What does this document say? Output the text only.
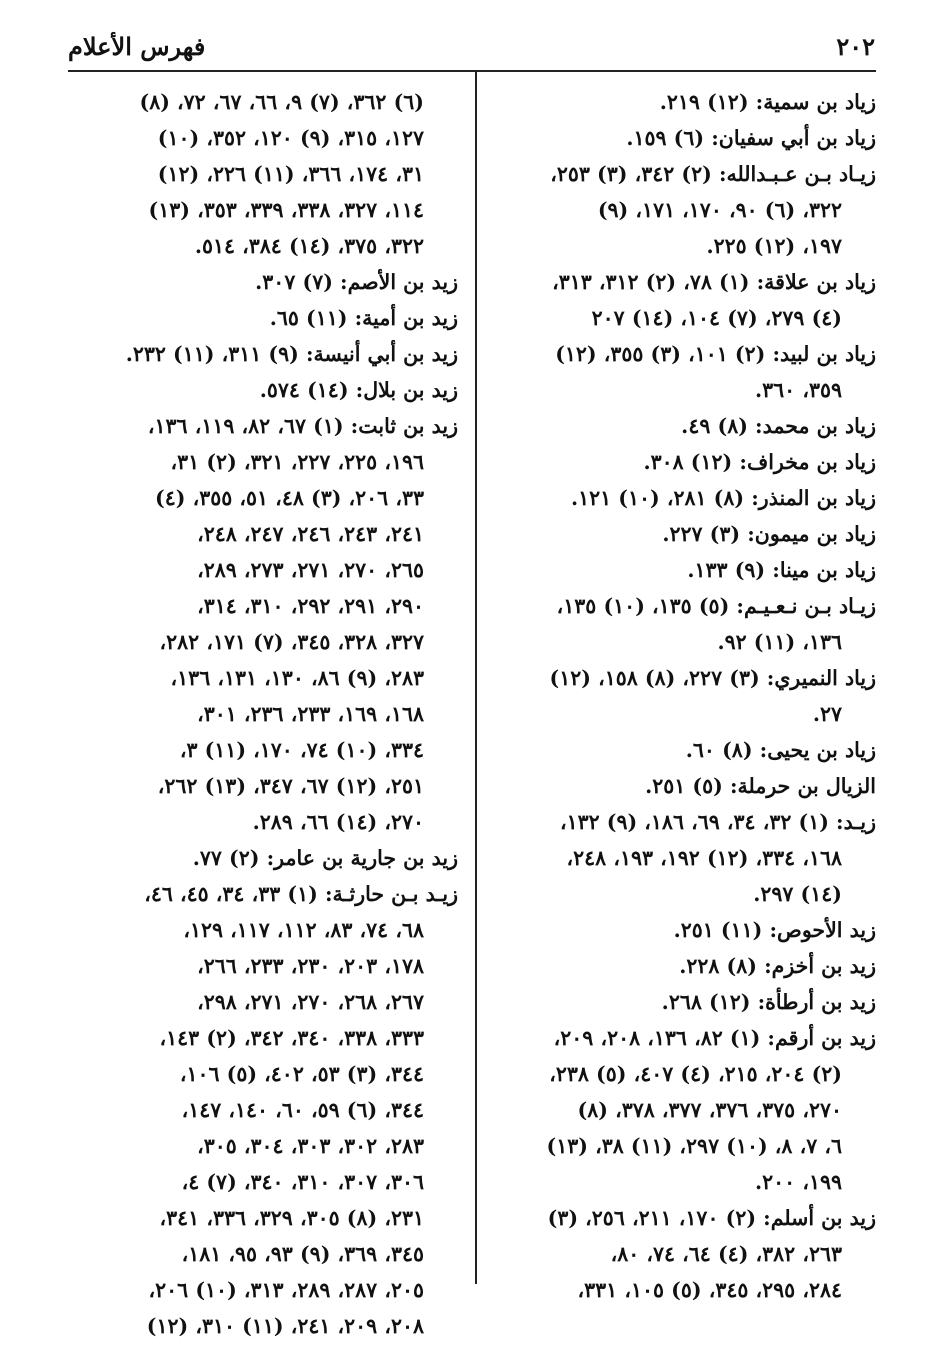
٢٠٢
فهرس الأعلام
زياد بن سمية: (١٢) ٢١٩.
زياد بن أبي سفيان: (٦) ١٥٩.
زيـاد بـن عـبـدالله: (٢) ٣٤٢، (٣) ٢٥٣،
٣٢٢، (٦) ٩٠، ١٧٠، ١٧١، (٩)
١٩٧، (١٢) ٢٢٥.
زياد بن علاقة: (١) ٧٨، (٢) ٣١٢، ٣١٣،
(٤) ٢٧٩، (٧) ١٠٤، (١٤) ٢٠٧
زياد بن لبيد: (٢) ١٠١، (٣) ٣٥٥، (١٢)
٣٥٩، ٣٦٠.
زياد بن محمد: (٨) ٤٩.
زياد بن مخراف: (١٢) ٣٠٨.
زياد بن المنذر: (٨) ٢٨١، (١٠) ١٢١.
زياد بن ميمون: (٣) ٢٢٧.
زياد بن مينا: (٩) ١٣٣.
زيـاد بـن نـعـيـم: (٥) ١٣٥، (١٠) ١٣٥،
١٣٦، (١١) ٩٢.
زياد النميري: (٣) ٢٢٧، (٨) ١٥٨، (١٢)
٢٧.
زياد بن يحيى: (٨) ٦٠.
الزيال بن حرملة: (٥) ٢٥١.
زيـد: (١) ٣٢، ٣٤، ٦٩، ١٨٦، (٩) ١٣٢،
١٦٨، ٣٣٤، (١٢) ١٩٢، ١٩٣، ٢٤٨،
(١٤) ٢٩٧.
زيد الأحوص: (١١) ٢٥١.
زيد بن أخزم: (٨) ٢٢٨.
زيد بن أرطأة: (١٢) ٢٦٨.
زيد بن أرقم: (١) ٨٢، ١٣٦، ٢٠٨، ٢٠٩،
(٢) ٢٠٤، ٢١٥، (٤) ٤٠٧، (٥) ٢٣٨،
٢٧٠، ٣٧٥، ٣٧٦، ٣٧٧، ٣٧٨، (٨)
٦، ٧، ٨، (١٠) ٢٩٧، (١١) ٣٨، (١٣)
١٩٩، ٢٠٠.
زيد بن أسلم: (٢) ١٧٠، ٢١١، ٢٥٦، (٣)
٢٦٣، ٣٨٢، (٤) ٦٤، ٧٤، ٨٠،
٢٨٤، ٢٩٥، ٣٤٥، (٥) ١٠٥، ٣٣١،
(٦) ٣٦٢، (٧) ٩، ٦٦، ٦٧، ٧٢، (٨)
١٢٧، ٣١٥، (٩) ١٢٠، ٣٥٢، (١٠)
٣١، ١٧٤، ٣٦٦، (١١) ٢٢٦، (١٢)
١١٤، ٣٢٧، ٣٣٨، ٣٣٩، ٣٥٣، (١٣)
٣٢٢، ٣٧٥، (١٤) ٣٨٤، ٥١٤.
زيد بن الأصم: (٧) ٣٠٧.
زيد بن أمية: (١١) ٦٥.
زيد بن أبي أنيسة: (٩) ٣١١، (١١) ٢٣٢.
زيد بن بلال: (١٤) ٥٧٤.
زيد بن ثابت: (١) ٦٧، ٨٢، ١١٩، ١٣٦،
١٩٦، ٢٢٥، ٢٢٧، ٣٢١، (٢) ٣١،
٣٣، ٢٠٦، (٣) ٤٨، ٥١، ٣٥٥، (٤)
٢٤١، ٢٤٣، ٢٤٦، ٢٤٧، ٢٤٨،
٢٦٥، ٢٧٠، ٢٧١، ٢٧٣، ٢٨٩،
٢٩٠، ٢٩١، ٢٩٢، ٣١٠، ٣١٤،
٣٢٧، ٣٢٨، ٣٤٥، (٧) ١٧١، ٢٨٢،
٢٨٣، (٩) ٨٦، ١٣٠، ١٣١، ١٣٦،
١٦٨، ١٦٩، ٢٣٣، ٢٣٦، ٣٠١،
٣٣٤، (١٠) ٧٤، ١٧٠، (١١) ٣،
٢٥١، (١٢) ٦٧، ٣٤٧، (١٣) ٢٦٢،
٢٧٠، (١٤) ٦٦، ٢٨٩.
زيد بن جارية بن عامر: (٢) ٧٧.
زيـد بـن حارثـة: (١) ٣٣، ٣٤، ٤٥، ٤٦،
٦٨، ٧٤، ٨٣، ١١٢، ١١٧، ١٢٩،
١٧٨، ٢٠٣، ٢٣٠، ٢٣٣، ٢٦٦،
٢٦٧، ٢٦٨، ٢٧٠، ٢٧١، ٢٩٨،
٣٣٣، ٣٣٨، ٣٤٠، ٣٤٢، (٢) ١٤٣،
٣٤٤، (٣) ٥٣، ٤٠٢، (٥) ١٠٦،
٣٤٤، (٦) ٥٩، ٦٠، ١٤٠، ١٤٧،
٢٨٣، ٣٠٢، ٣٠٣، ٣٠٤، ٣٠٥،
٣٠٦، ٣٠٧، ٣١٠، ٣٤٠، (٧) ٤،
٢٣١، (٨) ٣٠٥، ٣٢٩، ٣٣٦، ٣٤١،
٣٤٥، ٣٦٩، (٩) ٩٣، ٩٥، ١٨١،
٢٠٥، ٢٨٧، ٢٨٩، ٣١٣، (١٠) ٢٠٦،
٢٠٨، ٢٠٩، ٢٤١، (١١) ٣١٠، (١٢)
